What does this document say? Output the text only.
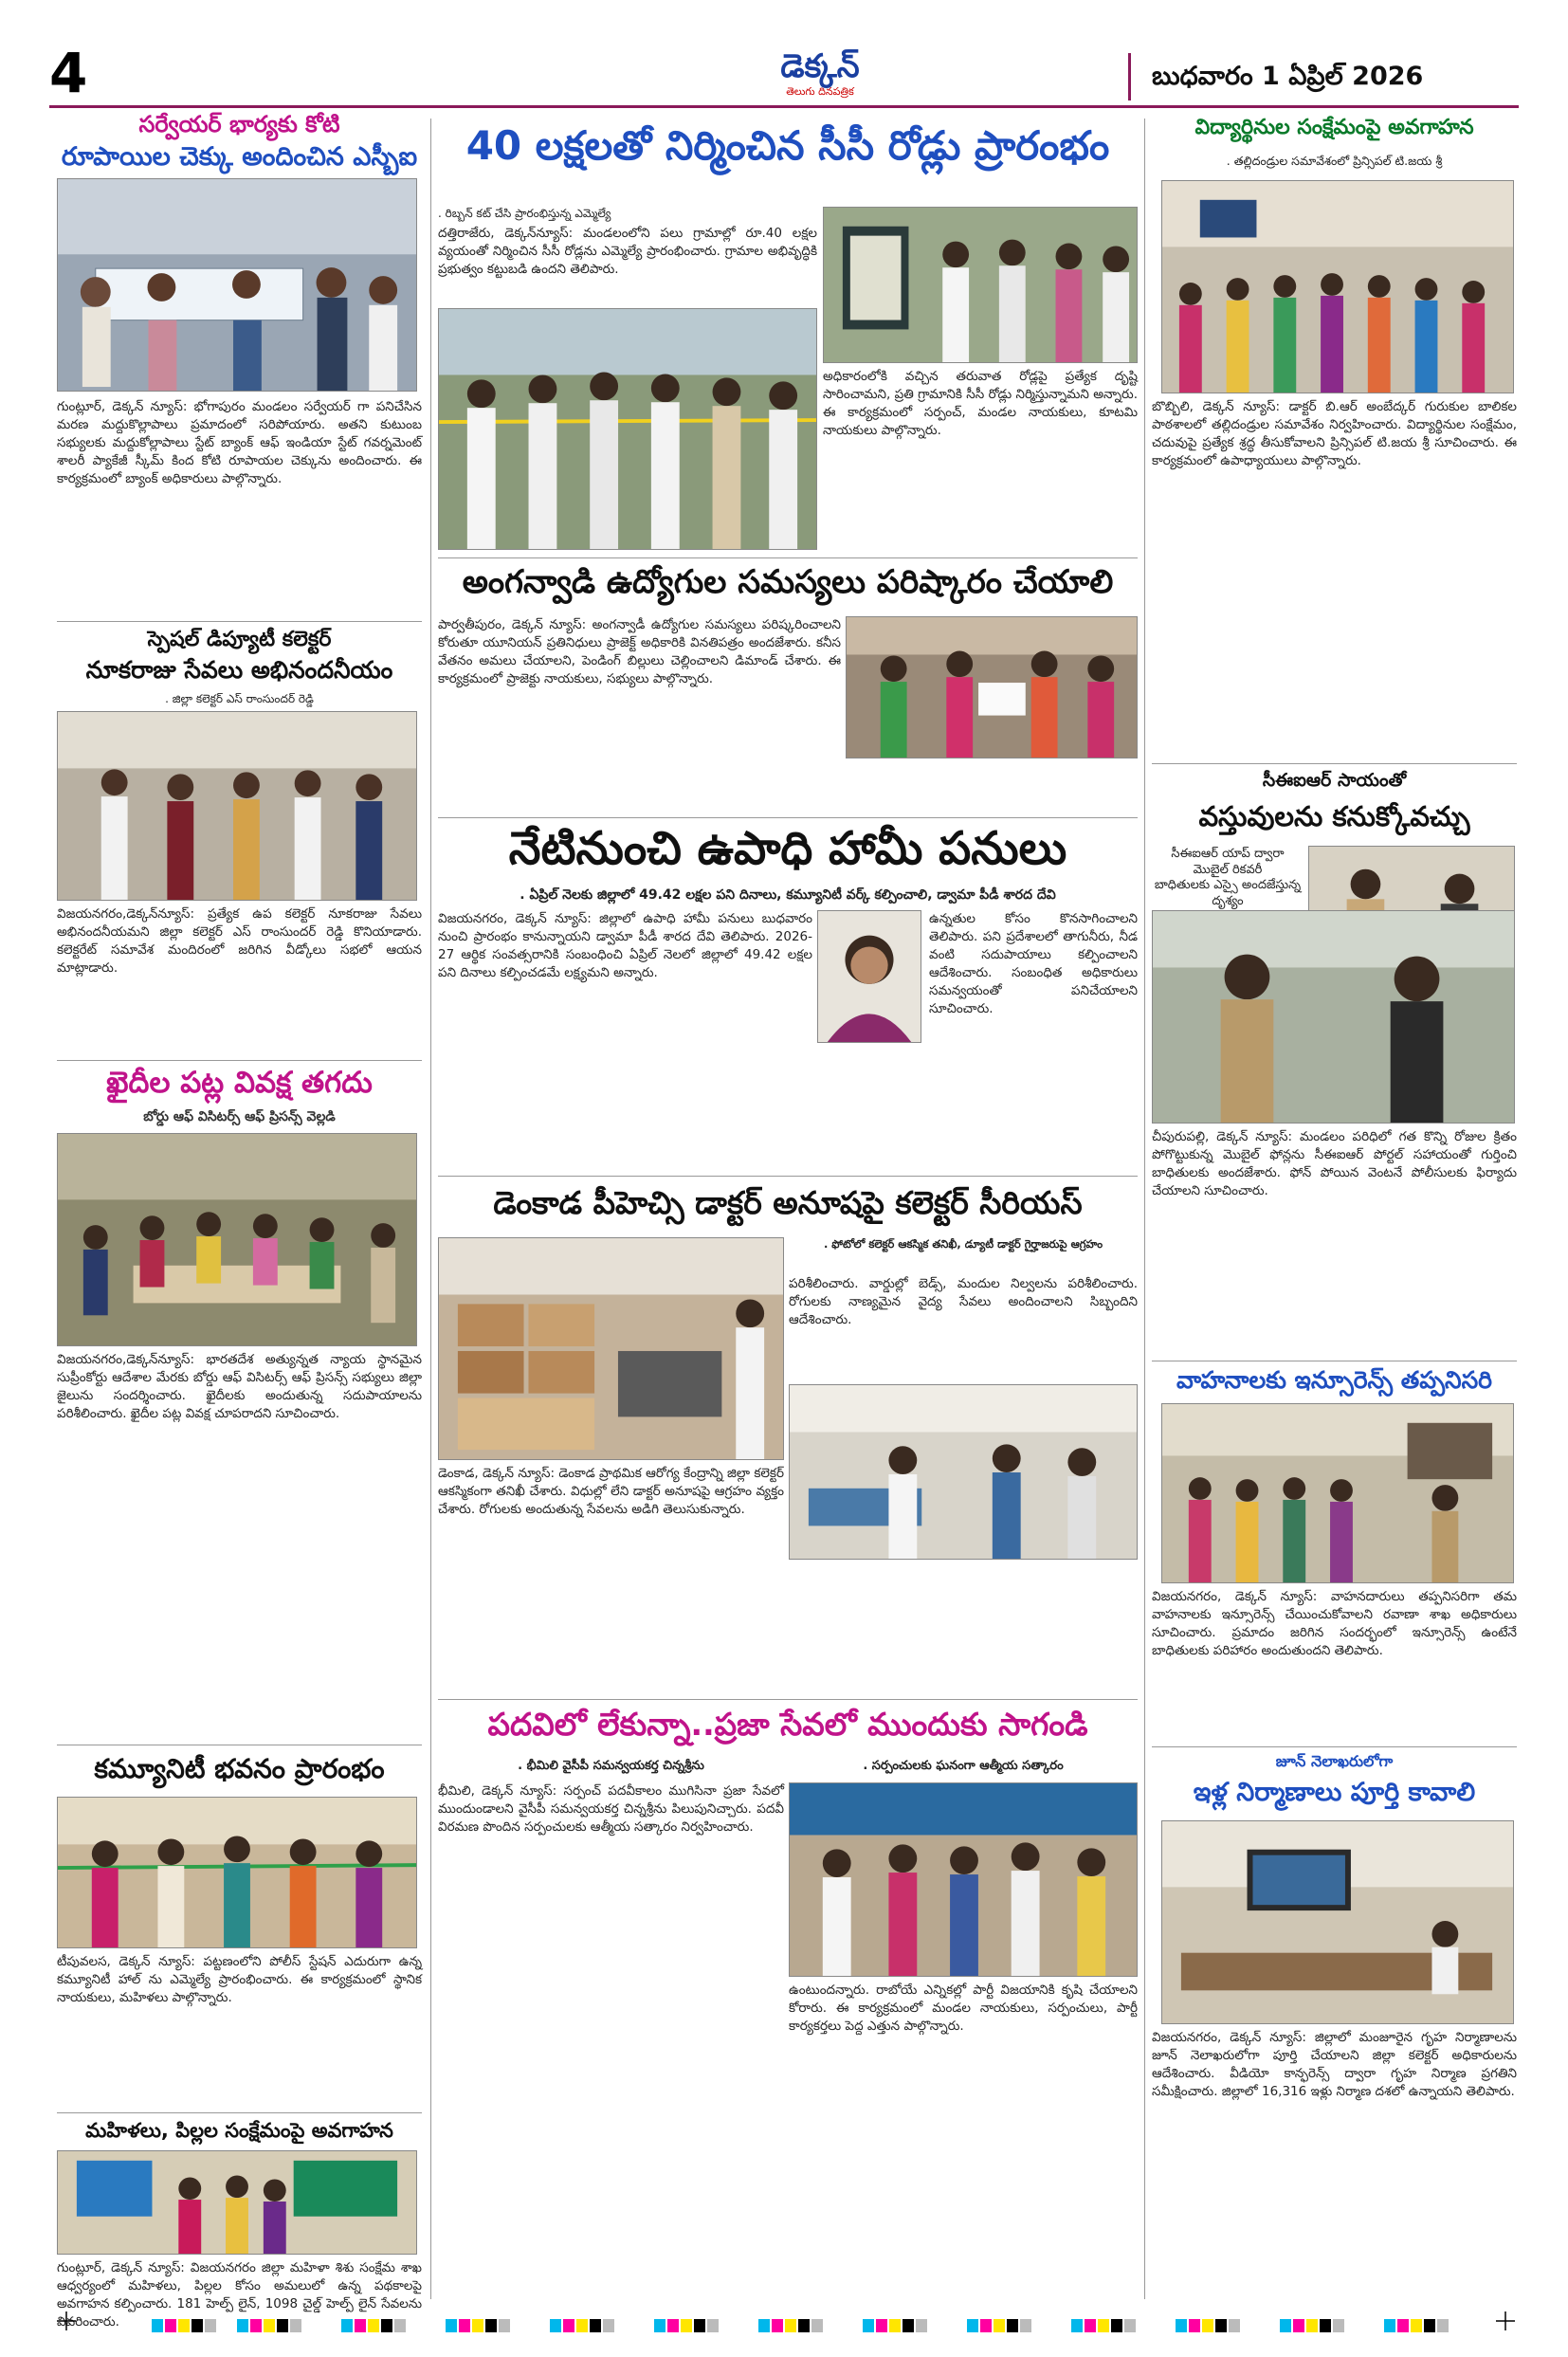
4	డెక్కన్
తెలుగు దినపత్రిక
బుధవారం 1 ఏప్రిల్ 2026
సర్వేయర్ భార్యకు కోటి
రూపాయిల చెక్కు అందించిన ఎస్బీఐ
గుంట్లూర్, డెక్కన్ న్యూస్: భోగాపురం మండలం సర్వేయర్ గా పనిచేసిన మరణ మద్దుకొల్లాపాలు ప్రమాదంలో సరిపోయారు. అతని కుటుంబ సభ్యులకు మద్దుకోల్లాపాలు స్టేట్ బ్యాంక్ ఆఫ్ ఇండియా స్టేట్ గవర్నమెంట్ శాలరీ ప్యాకేజీ స్కీమ్ కింద కోటి రూపాయల చెక్కును అందించారు. ఈ కార్యక్రమంలో బ్యాంక్ అధికారులు పాల్గొన్నారు.
స్పెషల్ డిప్యూటీ కలెక్టర్
నూకరాజు సేవలు అభినందనీయం
. జిల్లా కలెక్టర్ ఎస్ రాంసుందర్ రెడ్డి
విజయనగరం,డెక్కన్‌న్యూస్: ప్రత్యేక ఉప కలెక్టర్ నూకరాజు సేవలు అభినందనీయమని జిల్లా కలెక్టర్ ఎస్ రాంసుందర్ రెడ్డి కొనియాడారు. కలెక్టరేట్ సమావేశ మందిరంలో జరిగిన వీడ్కోలు సభలో ఆయన మాట్లాడారు.
ఖైదీల పట్ల వివక్ష తగదు
బోర్డు ఆఫ్ విసిటర్స్ ఆఫ్ ప్రిసన్స్ వెల్లడి
విజయనగరం,డెక్కన్‌న్యూస్: భారతదేశ అత్యున్నత న్యాయ స్థానమైన సుప్రీంకోర్టు ఆదేశాల మేరకు బోర్డు ఆఫ్ విసిటర్స్ ఆఫ్ ప్రిసన్స్ సభ్యులు జిల్లా జైలును సందర్శించారు. ఖైదీలకు అందుతున్న సదుపాయాలను పరిశీలించారు. ఖైదీల పట్ల వివక్ష చూపరాదని సూచించారు.
కమ్యూనిటీ భవనం ప్రారంభం
టీపువలస, డెక్కన్ న్యూస్: పట్టణంలోని పోలీస్ స్టేషన్ ఎదురుగా ఉన్న కమ్యూనిటీ హాల్ ను ఎమ్మెల్యే ప్రారంభించారు. ఈ కార్యక్రమంలో స్థానిక నాయకులు, మహిళలు పాల్గొన్నారు.
మహిళలు, పిల్లల సంక్షేమంపై అవగాహన
గుంట్లూర్, డెక్కన్ న్యూస్: విజయనగరం జిల్లా మహిళా శిశు సంక్షేమ శాఖ ఆధ్వర్యంలో మహిళలు, పిల్లల కోసం అమలులో ఉన్న పథకాలపై అవగాహన కల్పించారు. 181 హెల్ప్ లైన్, 1098 చైల్డ్ హెల్ప్ లైన్ సేవలను వివరించారు.
40 లక్షలతో నిర్మించిన సీసీ రోడ్లు ప్రారంభం
. రిబ్బన్ కట్ చేసి ప్రారంభిస్తున్న ఎమ్మెల్యే
దత్తిరాజేరు, డెక్కన్‌న్యూస్: మండలంలోని పలు గ్రామాల్లో రూ.40 లక్షల వ్యయంతో నిర్మించిన సీసీ రోడ్లను ఎమ్మెల్యే ప్రారంభించారు. గ్రామాల అభివృద్ధికి ప్రభుత్వం కట్టుబడి ఉందని తెలిపారు.
అధికారంలోకి వచ్చిన తరువాత రోడ్లపై ప్రత్యేక దృష్టి సారించామని, ప్రతి గ్రామానికి సీసీ రోడ్లు నిర్మిస్తున్నామని అన్నారు. ఈ కార్యక్రమంలో సర్పంచ్, మండల నాయకులు, కూటమి నాయకులు పాల్గొన్నారు.
అంగన్వాడి ఉద్యోగుల సమస్యలు పరిష్కారం చేయాలి
పార్వతీపురం, డెక్కన్ న్యూస్: అంగన్వాడీ ఉద్యోగుల సమస్యలు పరిష్కరించాలని కోరుతూ యూనియన్ ప్రతినిధులు ప్రాజెక్ట్ అధికారికి వినతిపత్రం అందజేశారు. కనీస వేతనం అమలు చేయాలని, పెండింగ్ బిల్లులు చెల్లించాలని డిమాండ్ చేశారు. ఈ కార్యక్రమంలో ప్రాజెక్టు నాయకులు, సభ్యులు పాల్గొన్నారు.
నేటినుంచి ఉపాధి హామీ పనులు
. ఏప్రిల్ నెలకు జిల్లాలో 49.42 లక్షల పని దినాలు, కమ్యూనిటీ వర్క్ కల్పించాలి, డ్వామా పీడీ శారద దేవి
విజయనగరం, డెక్కన్ న్యూస్: జిల్లాలో ఉపాధి హామీ పనులు బుధవారం నుంచి ప్రారంభం కానున్నాయని డ్వామా పీడీ శారద దేవి తెలిపారు. 2026-27 ఆర్థిక సంవత్సరానికి సంబంధించి ఏప్రిల్ నెలలో జిల్లాలో 49.42 లక్షల పని దినాలు కల్పించడమే లక్ష్యమని అన్నారు.
ఉన్నతుల కోసం కొనసాగించాలని తెలిపారు. పని ప్రదేశాలలో తాగునీరు, నీడ వంటి సదుపాయాలు కల్పించాలని ఆదేశించారు. సంబంధిత అధికారులు సమన్వయంతో పనిచేయాలని సూచించారు.
డెంకాడ పీహెచ్సి డాక్టర్ అనూషపై కలెక్టర్ సీరియస్
. ఫోటోలో కలెక్టర్ ఆకస్మిక తనిఖీ, డ్యూటీ డాక్టర్ గైర్హాజరుపై ఆగ్రహం
పరిశీలించారు. వార్డుల్లో బెడ్స్, మందుల నిల్వలను పరిశీలించారు. రోగులకు నాణ్యమైన వైద్య సేవలు అందించాలని సిబ్బందిని ఆదేశించారు.
డెంకాడ, డెక్కన్ న్యూస్: డెంకాడ ప్రాథమిక ఆరోగ్య కేంద్రాన్ని జిల్లా కలెక్టర్ ఆకస్మికంగా తనిఖీ చేశారు. విధుల్లో లేని డాక్టర్ అనూషపై ఆగ్రహం వ్యక్తం చేశారు. రోగులకు అందుతున్న సేవలను అడిగి తెలుసుకున్నారు.
పదవిలో లేకున్నా..ప్రజా సేవలో ముందుకు సాగండి
. భీమిలి వైసీపీ సమన్వయకర్త చిన్నశ్రీను	. సర్పంచులకు ఘనంగా ఆత్మీయ సత్కారం
భీమిలి, డెక్కన్ న్యూస్: సర్పంచ్ పదవీకాలం ముగిసినా ప్రజా సేవలో ముందుండాలని వైసీపీ సమన్వయకర్త చిన్నశ్రీను పిలుపునిచ్చారు. పదవీ విరమణ పొందిన సర్పంచులకు ఆత్మీయ సత్కారం నిర్వహించారు.
ఉంటుందన్నారు. రాబోయే ఎన్నికల్లో పార్టీ విజయానికి కృషి చేయాలని కోరారు. ఈ కార్యక్రమంలో మండల నాయకులు, సర్పంచులు, పార్టీ కార్యకర్తలు పెద్ద ఎత్తున పాల్గొన్నారు.
విద్యార్థినుల సంక్షేమంపై అవగాహన
. తల్లిదండ్రుల సమావేశంలో ప్రిన్సిపల్ టి.జయ శ్రీ
బొబ్బిలి, డెక్కన్ న్యూస్: డాక్టర్ బి.ఆర్ అంబేద్కర్ గురుకుల బాలికల పాఠశాలలో తల్లిదండ్రుల సమావేశం నిర్వహించారు. విద్యార్థినుల సంక్షేమం, చదువుపై ప్రత్యేక శ్రద్ధ తీసుకోవాలని ప్రిన్సిపల్ టి.జయ శ్రీ సూచించారు. ఈ కార్యక్రమంలో ఉపాధ్యాయులు పాల్గొన్నారు.
సీఈఐఆర్ సాయంతో
వస్తువులను కనుక్కోవచ్చు
సీఈఐఆర్ యాప్ ద్వారా మొబైల్ రికవరీ
బాధితులకు ఎస్సై అందజేస్తున్న దృశ్యం
చీపురుపల్లి, డెక్కన్ న్యూస్: మండలం పరిధిలో గత కొన్ని రోజుల క్రితం పోగొట్టుకున్న మొబైల్ ఫోన్లను సీఈఐఆర్ పోర్టల్ సహాయంతో గుర్తించి బాధితులకు అందజేశారు. ఫోన్ పోయిన వెంటనే పోలీసులకు ఫిర్యాదు చేయాలని సూచించారు.
వాహనాలకు ఇన్సూరెన్స్ తప్పనిసరి
విజయనగరం, డెక్కన్ న్యూస్: వాహనదారులు తప్పనిసరిగా తమ వాహనాలకు ఇన్సూరెన్స్ చేయించుకోవాలని రవాణా శాఖ అధికారులు సూచించారు. ప్రమాదం జరిగిన సందర్భంలో ఇన్సూరెన్స్ ఉంటేనే బాధితులకు పరిహారం అందుతుందని తెలిపారు.
జూన్ నెలాఖరులోగా
ఇళ్ల నిర్మాణాలు పూర్తి కావాలి
విజయనగరం, డెక్కన్ న్యూస్: జిల్లాలో మంజూరైన గృహ నిర్మాణాలను జూన్ నెలాఖరులోగా పూర్తి చేయాలని జిల్లా కలెక్టర్ అధికారులను ఆదేశించారు. వీడియో కాన్ఫరెన్స్ ద్వారా గృహ నిర్మాణ ప్రగతిని సమీక్షించారు. జిల్లాలో 16,316 ఇళ్లు నిర్మాణ దశలో ఉన్నాయని తెలిపారు.
